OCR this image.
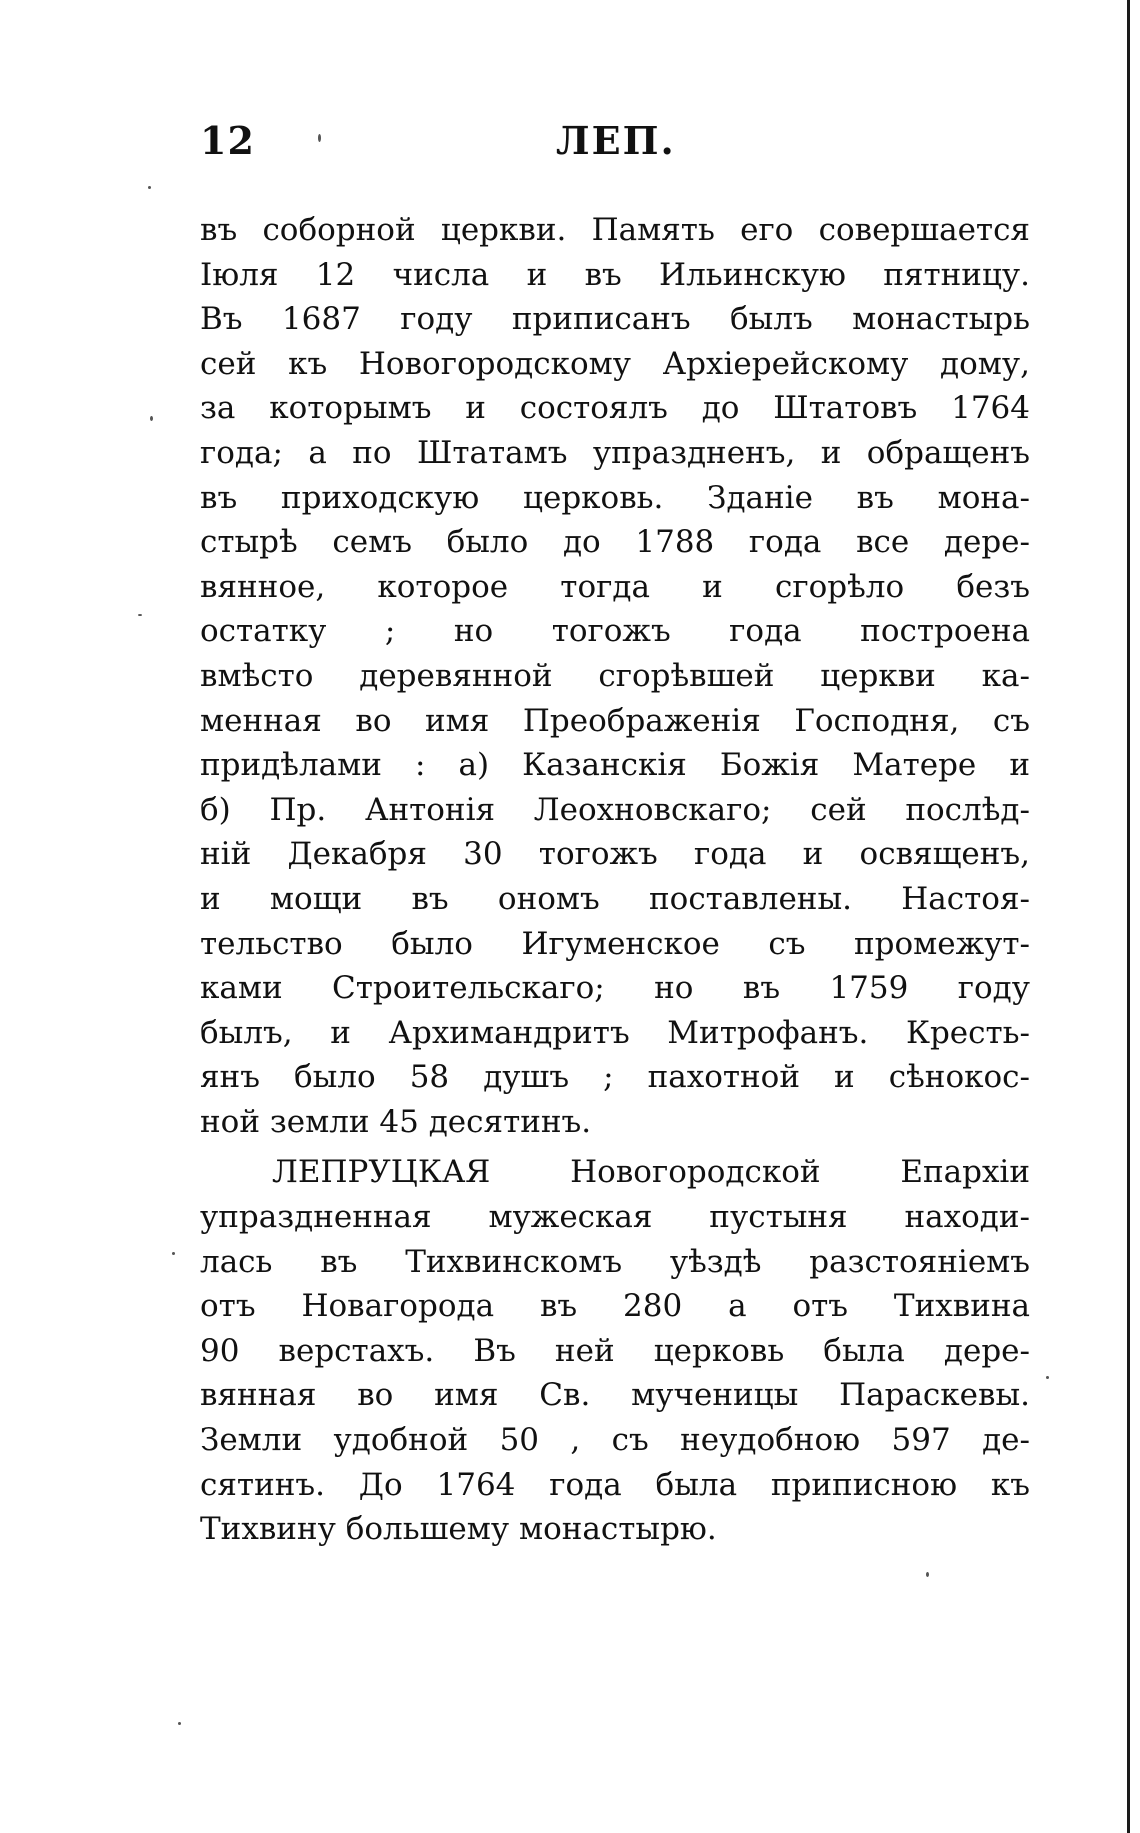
12	ЛЕП.
въ соборной церкви. Память его совершается
Іюля 12 числа и въ Ильинскую пятницу.
Въ 1687 году приписанъ былъ монастырь
сей къ Новогородскому Архіерейскому дому,
за которымъ и состоялъ до Штатовъ 1764
года; а по Штатамъ упраздненъ, и обращенъ
въ приходскую церковь. Зданіе въ мона-
стырѣ семъ было до 1788 года все дере-
вянное, которое тогда и сгорѣло безъ
остатку ; но тогожъ года построена
вмѣсто деревянной сгорѣвшей церкви ка-
менная во имя Преображенія Господня, съ
придѣлами : а) Казанскія Божія Матере и
б) Пр. Антонія Леохновскаго; сей послѣд-
ній Декабря 30 тогожъ года и освященъ,
и мощи въ ономъ поставлены. Настоя-
тельство было Игуменское съ промежут-
ками Строительскаго; но въ 1759 году
былъ, и Архимандритъ Митрофанъ. Кресть-
янъ было 58 душъ ; пахотной и сѣнокос-
ной земли 45 десятинъ.
ЛЕПРУЦКАЯ Новогородской Епархіи
упраздненная мужеская пустыня находи-
лась въ Тихвинскомъ уѣздѣ разстояніемъ
отъ Новагорода въ 280 а отъ Тихвина
90 верстахъ. Въ ней церковь была дере-
вянная во имя Св. мученицы Параскевы.
Земли удобной 50 , съ неудобною 597 де-
сятинъ. До 1764 года была приписною къ
Тихвину большему монастырю.
